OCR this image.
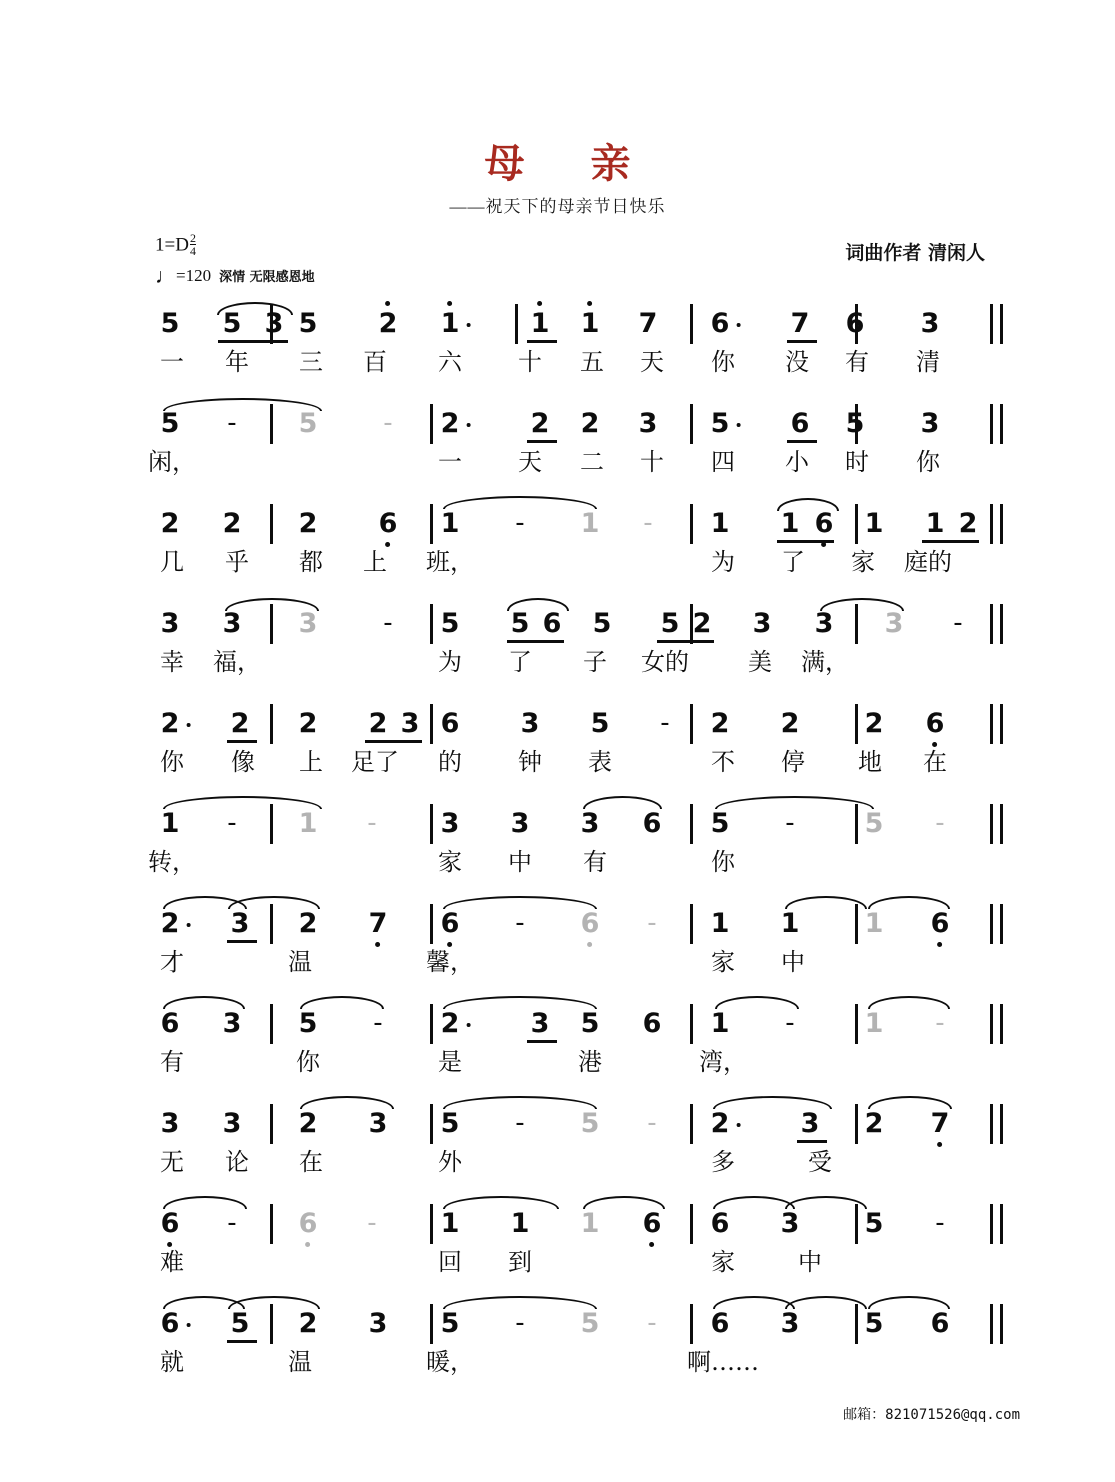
母 亲
——祝天下的母亲节日快乐
$1=D \frac{2}{4}$
♩=120 深情 无限感恩地
词曲作者 清闲人
5 5 3 5 2 1	1 1 7 6 7 6 3
一 年 三 百 六 十 五 天 你 没 有 清
5 - 5	- 2	2 2 3 5 6 5 3
闲，	一 天 二 十 四 小 时 你
2 2 2 6 1 - 1 - 1 1 6 1 1 2
几 乎 都 上 班，	为 了 家 庭的
3 3 3	- 5 5 6 5 5 2 3 3 3 -
幸 福，	为 了 子 女的 美 满，
2 2 2 2 3 6 3 5 - 2 2 2 6
你 像 上 足了 的 钟 表	不 停 地 在
1 - 1 - 3 3 3 6 5 -	5 -
转，	家 中 有	你
2 3 2 7 6 - 6 - 1 1 1 6
才	温	馨，	家 中
6 3 5 - 2	3 5 6 1 -	1 -
有	你	是	港	湾，
3 3 2 3 5 - 5 - 2	3 2 7
无 论 在	外	多	受
6 - 6 - 1 1 1 6 6 3 5 -
难	回 到	家	中
6 5 2 3 5 - 5 - 6 3 5 6
就	温	暖，	啊……
邮箱：821071526@qq.com
